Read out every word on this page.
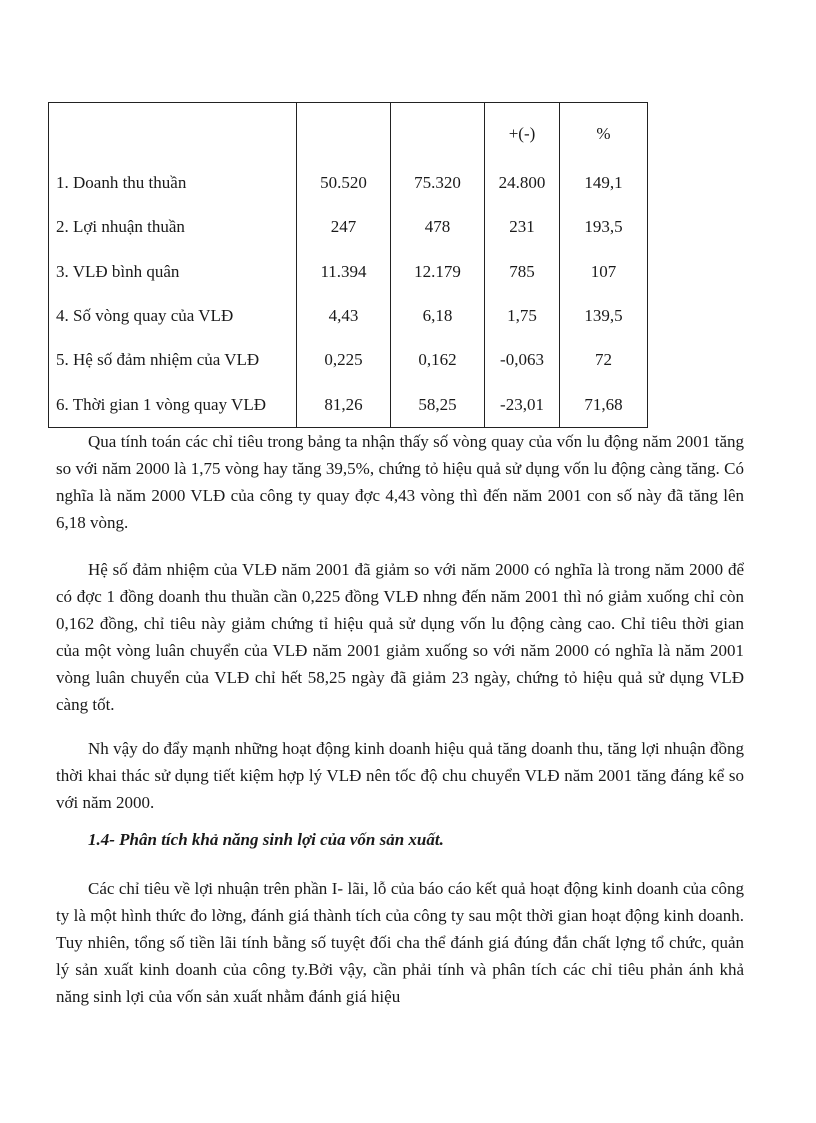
			+(-)	%
1. Doanh thu thuần	50.520	75.320	24.800	149,1
2. Lợi nhuận thuần	247	478	231	193,5
3. VLĐ bình quân	11.394	12.179	785	107
4. Số vòng quay của VLĐ	4,43	6,18	1,75	139,5
5. Hệ số đảm nhiệm của VLĐ	0,225	0,162	-0,063	72
6. Thời gian 1 vòng quay VLĐ	81,26	58,25	-23,01	71,68

Qua tính toán các chỉ tiêu trong bảng ta nhận thấy số vòng quay của vốn lu động năm 2001 tăng so với năm 2000 là 1,75 vòng hay tăng 39,5%, chứng tỏ hiệu quả sử dụng vốn lu động càng tăng. Có nghĩa là năm 2000 VLĐ của công ty quay đợc 4,43 vòng thì đến năm 2001 con số này đã tăng lên 6,18 vòng.

Hệ số đảm nhiệm của VLĐ năm 2001 đã giảm so với năm 2000 có nghĩa là trong năm 2000 để có đợc 1 đồng doanh thu thuần cần 0,225 đồng VLĐ nhng đến năm 2001 thì nó giảm xuống chỉ còn 0,162 đồng, chỉ tiêu này giảm chứng tỉ hiệu quả sử dụng vốn lu động càng cao. Chỉ tiêu thời gian của một vòng luân chuyển của VLĐ năm 2001 giảm xuống so với năm 2000 có nghĩa là năm 2001 vòng luân chuyển của VLĐ chỉ hết 58,25 ngày đã giảm 23 ngày, chứng tỏ hiệu quả sử dụng VLĐ càng tốt.

Nh vậy do đẩy mạnh những hoạt động kinh doanh hiệu quả tăng doanh thu, tăng lợi nhuận đồng thời khai thác sử dụng tiết kiệm hợp lý VLĐ nên tốc độ chu chuyển VLĐ năm 2001 tăng đáng kể so với năm 2000.

1.4- Phân tích khả năng sinh lợi của vốn sản xuất.

Các chỉ tiêu về lợi nhuận trên phần I- lãi, lỗ của báo cáo kết quả hoạt động kinh doanh của công ty là một hình thức đo lờng, đánh giá thành tích của công ty sau một thời gian hoạt động kinh doanh. Tuy nhiên, tổng số tiền lãi tính bằng số tuyệt đối cha thể đánh giá đúng đắn chất lợng tổ chức, quản lý sản xuất kinh doanh của công ty.Bởi vậy, cần phải tính và phân tích các chỉ tiêu phản ánh khả năng sinh lợi của vốn sản xuất nhằm đánh giá hiệu
